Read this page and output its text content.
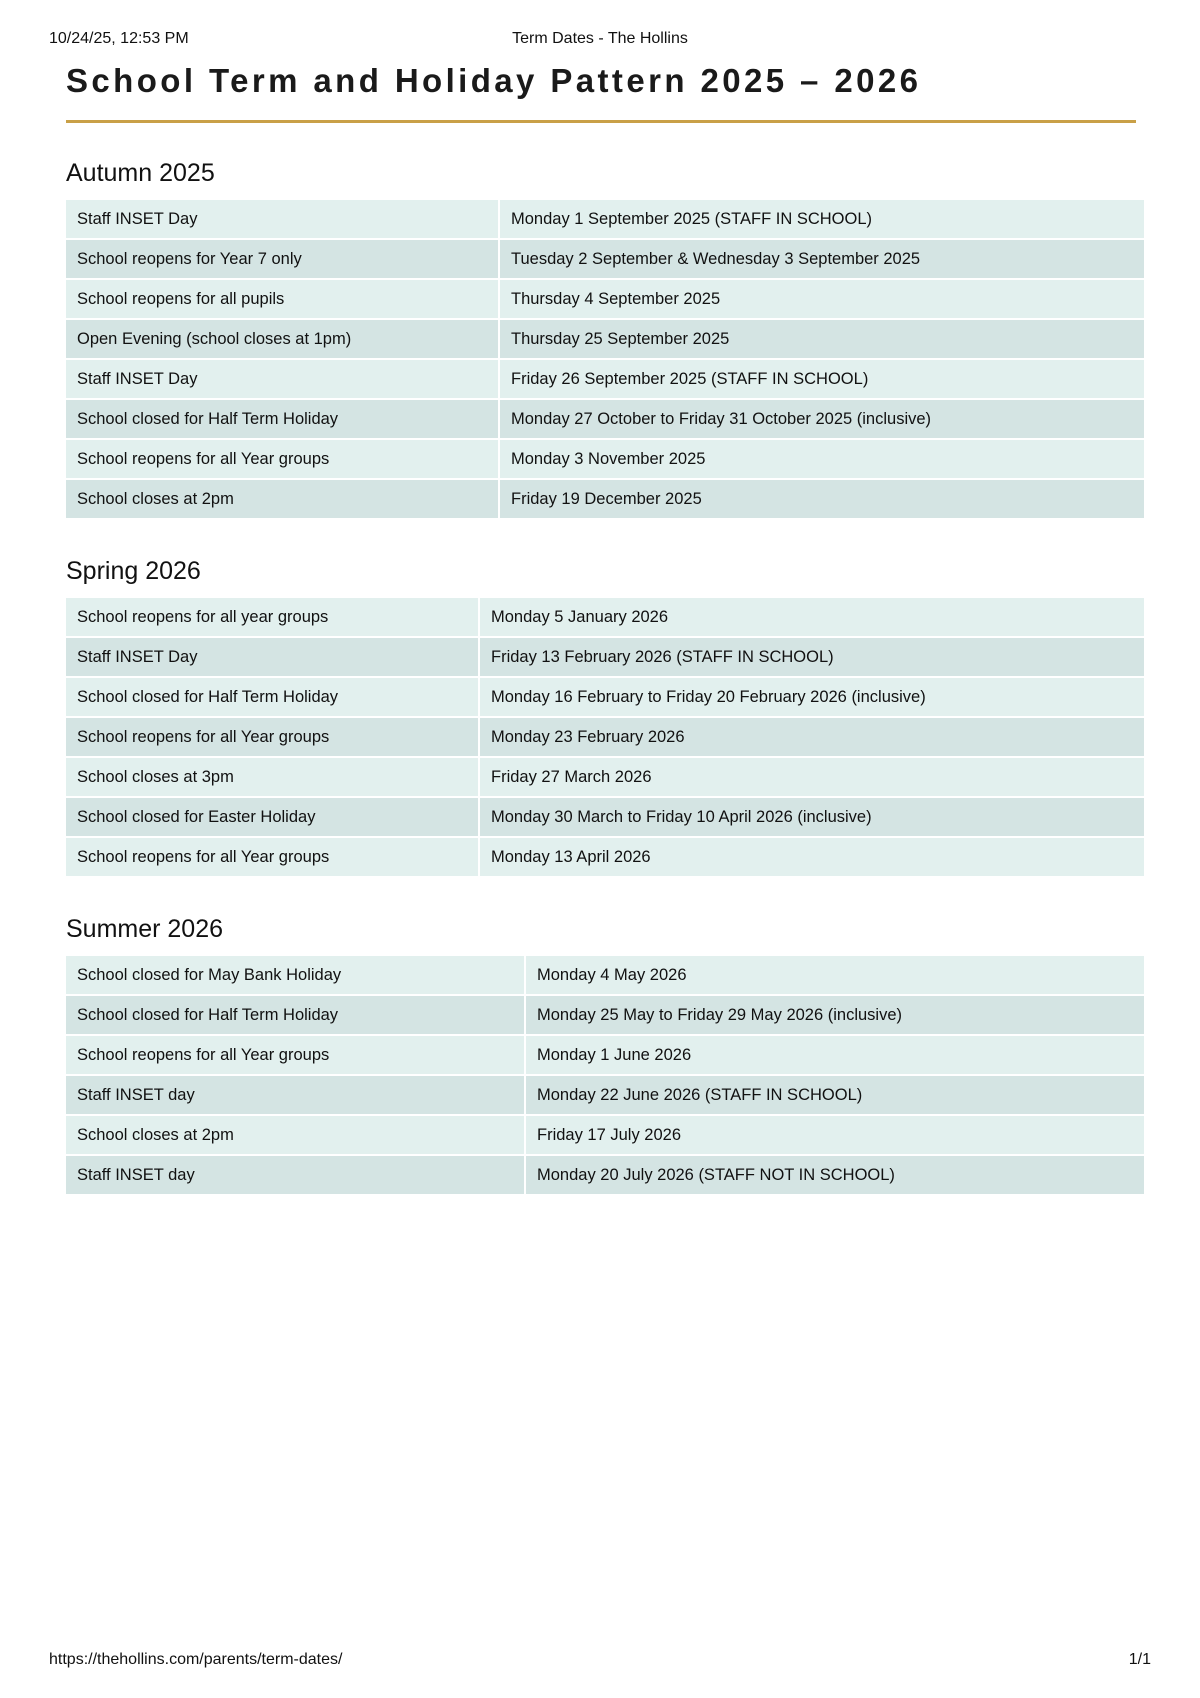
10/24/25, 12:53 PM	Term Dates - The Hollins
School Term and Holiday Pattern 2025 – 2026
Autumn 2025
Staff INSET Day	Monday 1 September 2025 (STAFF IN SCHOOL)
School reopens for Year 7 only	Tuesday 2 September & Wednesday 3 September 2025
School reopens for all pupils	Thursday 4 September 2025
Open Evening (school closes at 1pm)	Thursday 25 September 2025
Staff INSET Day	Friday 26 September 2025 (STAFF IN SCHOOL)
School closed for Half Term Holiday	Monday 27 October to Friday 31 October 2025 (inclusive)
School reopens for all Year groups	Monday 3 November 2025
School closes at 2pm	Friday 19 December 2025
Spring 2026
School reopens for all year groups	Monday 5 January 2026
Staff INSET Day	Friday 13 February 2026 (STAFF IN SCHOOL)
School closed for Half Term Holiday	Monday 16 February to Friday 20 February 2026 (inclusive)
School reopens for all Year groups	Monday 23 February 2026
School closes at 3pm	Friday 27 March 2026
School closed for Easter Holiday	Monday 30 March to Friday 10 April 2026 (inclusive)
School reopens for all Year groups	Monday 13 April 2026
Summer 2026
School closed for May Bank Holiday	Monday 4 May 2026
School closed for Half Term Holiday	Monday 25 May to Friday 29 May 2026 (inclusive)
School reopens for all Year groups	Monday 1 June 2026
Staff INSET day	Monday 22 June 2026 (STAFF IN SCHOOL)
School closes at 2pm	Friday 17 July 2026
Staff INSET day	Monday 20 July 2026 (STAFF NOT IN SCHOOL)
https://thehollins.com/parents/term-dates/	1/1
